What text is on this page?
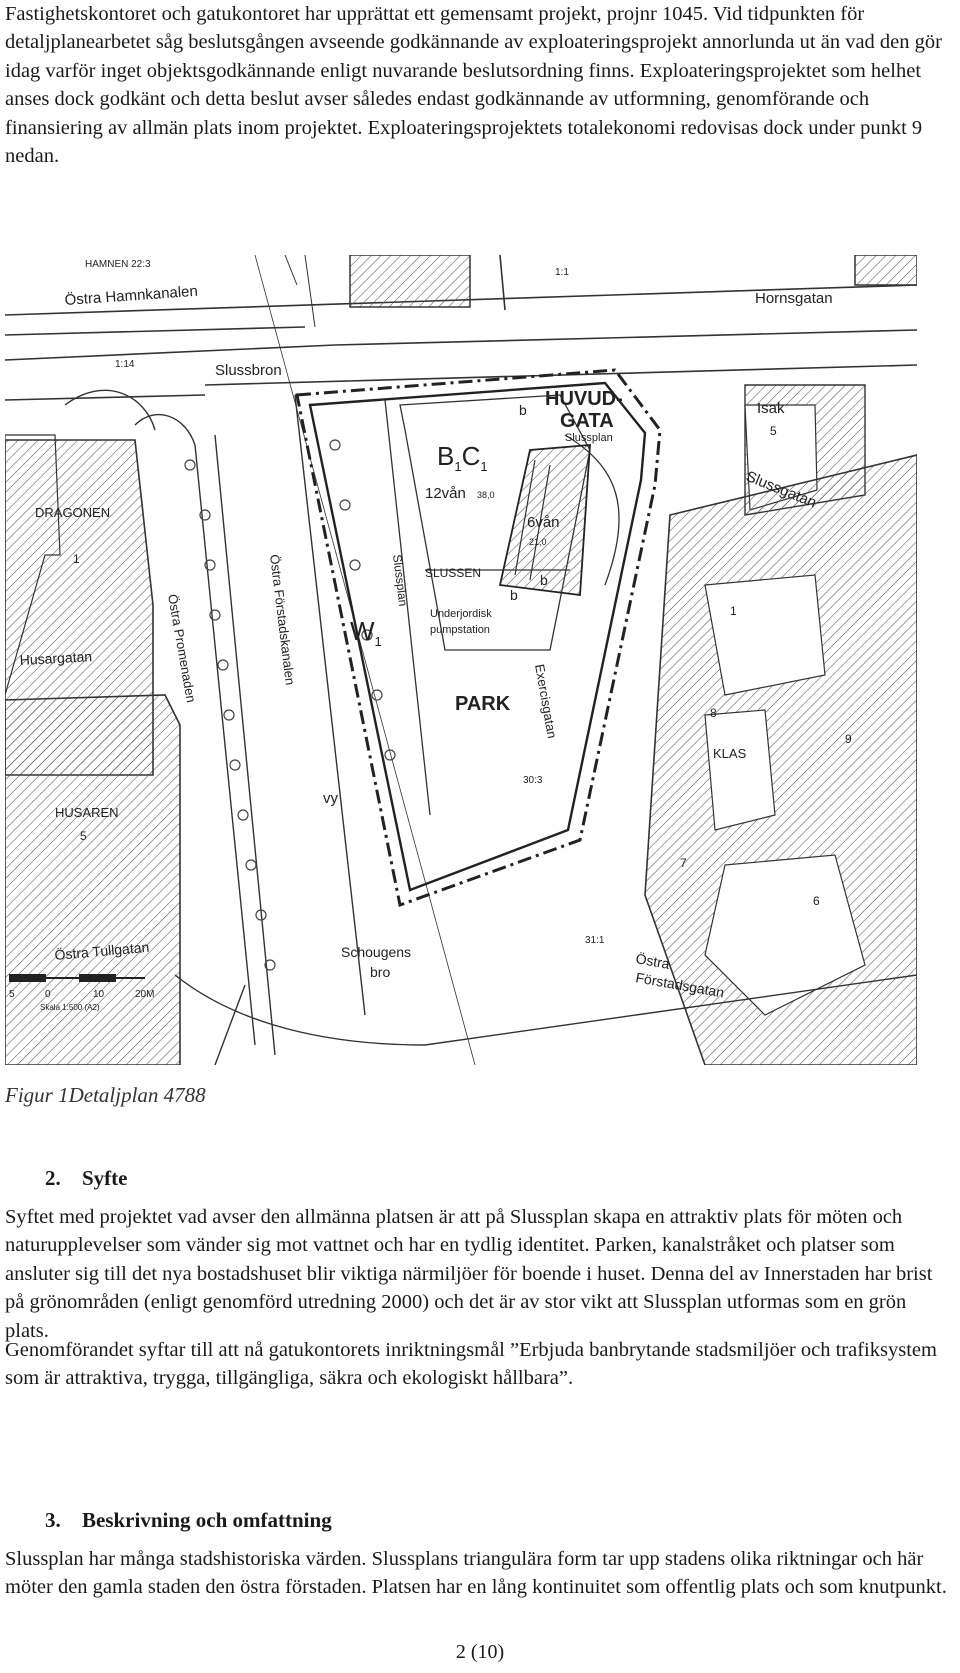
Fastighetskontoret och gatukontoret har upprättat ett gemensamt projekt, projnr 1045. Vid tidpunkten för detaljplanearbetet såg beslutsgången avseende godkännande av exploateringsprojekt annorlunda ut än vad den gör idag varför inget objektsgodkännande enligt nuvarande beslutsordning finns. Exploateringsprojektet som helhet anses dock godkänt och detta beslut avser således endast godkännande av utformning, genomförande och finansiering av allmän plats inom projektet. Exploateringsprojektets totalekonomi redovisas dock under punkt 9 nedan.

HAMNEN 22:3
1:1
Östra Hamnkanalen	Hornsgatan
Slussbron
1:14
HUVUD-
GATA
Slussplan
Isak
5
Slussgatan
$B_1C_1$
12vån 38,0
6vån
21,0
b
b
b
SLUSSEN
Slussplan
Underjordisk
pumpstation
$W_1$
Östra Förstadskanalen
Östra Promenaden
Husargatan
DRAGONEN
1
PARK Exercisgatan
30:3
1
8
9
KLAS
7
6
HUSAREN
5
vy
Schougens
bro
Östra Tullgatan	31:1
Östra
Förstadsgatan
5	0	10	20M
Skala 1:500 (A2)
Figur 1Detaljplan 4788
2. Syfte

Syftet med projektet vad avser den allmänna platsen är att på Slussplan skapa en attraktiv plats för möten och naturupplevelser som vänder sig mot vattnet och har en tydlig identitet. Parken, kanalstråket och platser som ansluter sig till det nya bostadshuset blir viktiga närmiljöer för boende i huset. Denna del av Innerstaden har brist på grönområden (enligt genomförd utredning 2000) och det är av stor vikt att Slussplan utformas som en grön plats.

Genomförandet syftar till att nå gatukontorets inriktningsmål ”Erbjuda banbrytande stadsmiljöer och trafiksystem som är attraktiva, trygga, tillgängliga, säkra och ekologiskt hållbara”.

3. Beskrivning och omfattning

Slussplan har många stadshistoriska värden. Slussplans triangulära form tar upp stadens olika riktningar och här möter den gamla staden den östra förstaden. Platsen har en lång kontinuitet som offentlig plats och som knutpunkt.

2 (10)
